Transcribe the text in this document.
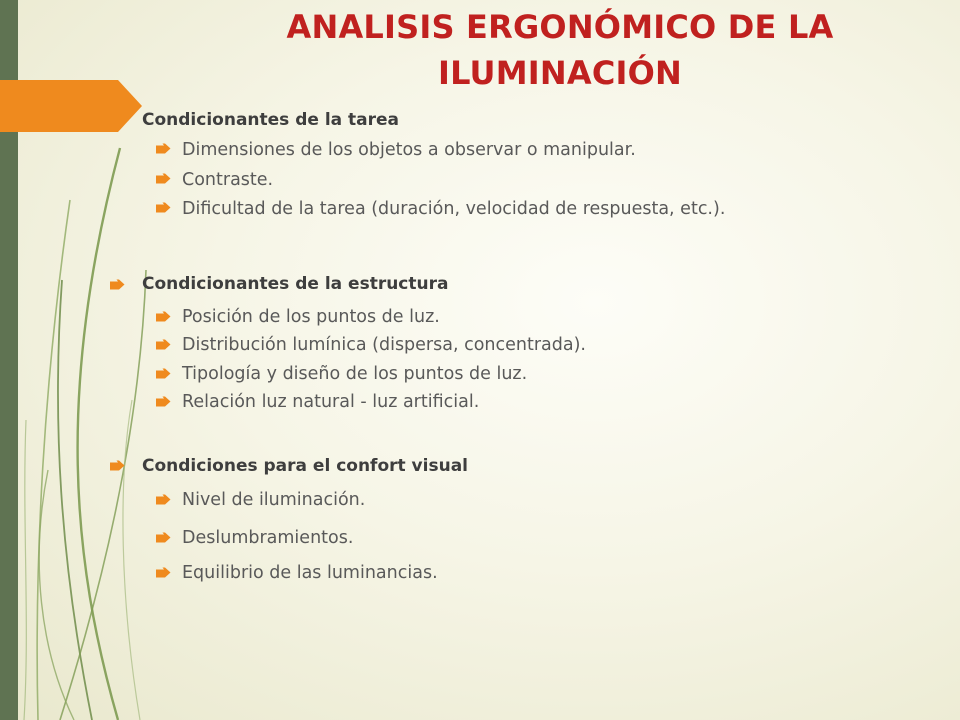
ANALISIS ERGONÓMICO DE LA ILUMINACIÓN
Condicionantes de la tarea
Dimensiones de los objetos a observar o manipular.
Contraste.
Dificultad de la tarea (duración, velocidad de respuesta, etc.).
Condicionantes de la estructura
Posición de los puntos de luz.
Distribución lumínica (dispersa, concentrada).
Tipología y diseño de los puntos de luz.
Relación luz natural - luz artificial.
Condiciones para el confort visual
Nivel de iluminación.
Deslumbramientos.
Equilibrio de las luminancias.
